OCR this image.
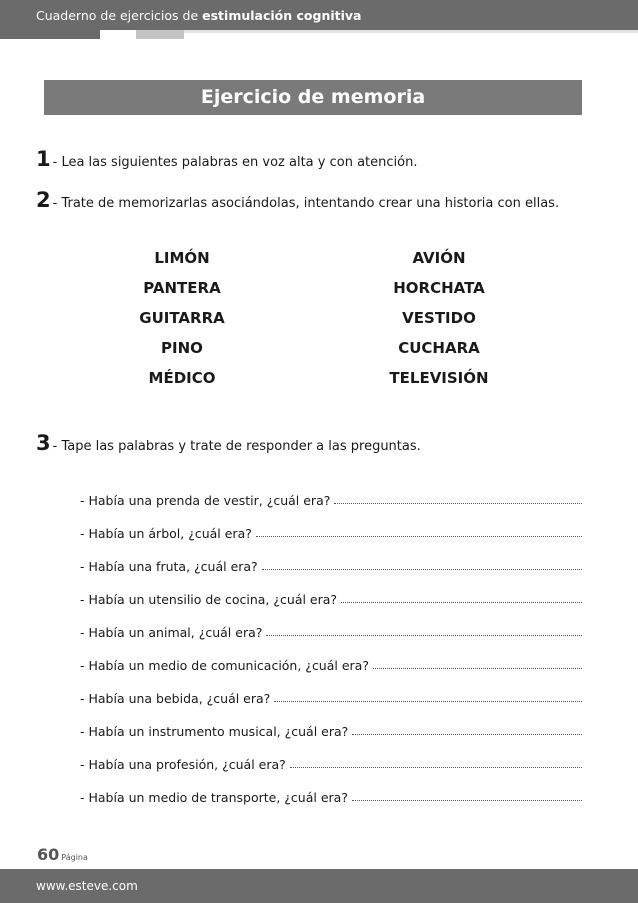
Cuaderno de ejercicios de estimulación cognitiva
Ejercicio de memoria
1 - Lea las siguientes palabras en voz alta y con atención.
2 - Trate de memorizarlas asociándolas, intentando crear una historia con ellas.
LIMÓN
PANTERA
GUITARRA
PINO
MÉDICO
AVIÓN
HORCHATA
VESTIDO
CUCHARA
TELEVISIÓN
3 - Tape las palabras y trate de responder a las preguntas.
- Había una prenda de vestir, ¿cuál era?
- Había un árbol, ¿cuál era?
- Había una fruta, ¿cuál era?
- Había un utensilio de cocina, ¿cuál era?
- Había un animal, ¿cuál era?
- Había un medio de comunicación, ¿cuál era?
- Había una bebida, ¿cuál era?
- Había un instrumento musical, ¿cuál era?
- Había una profesión, ¿cuál era?
- Había un medio de transporte, ¿cuál era?
60 Página
www.esteve.com
